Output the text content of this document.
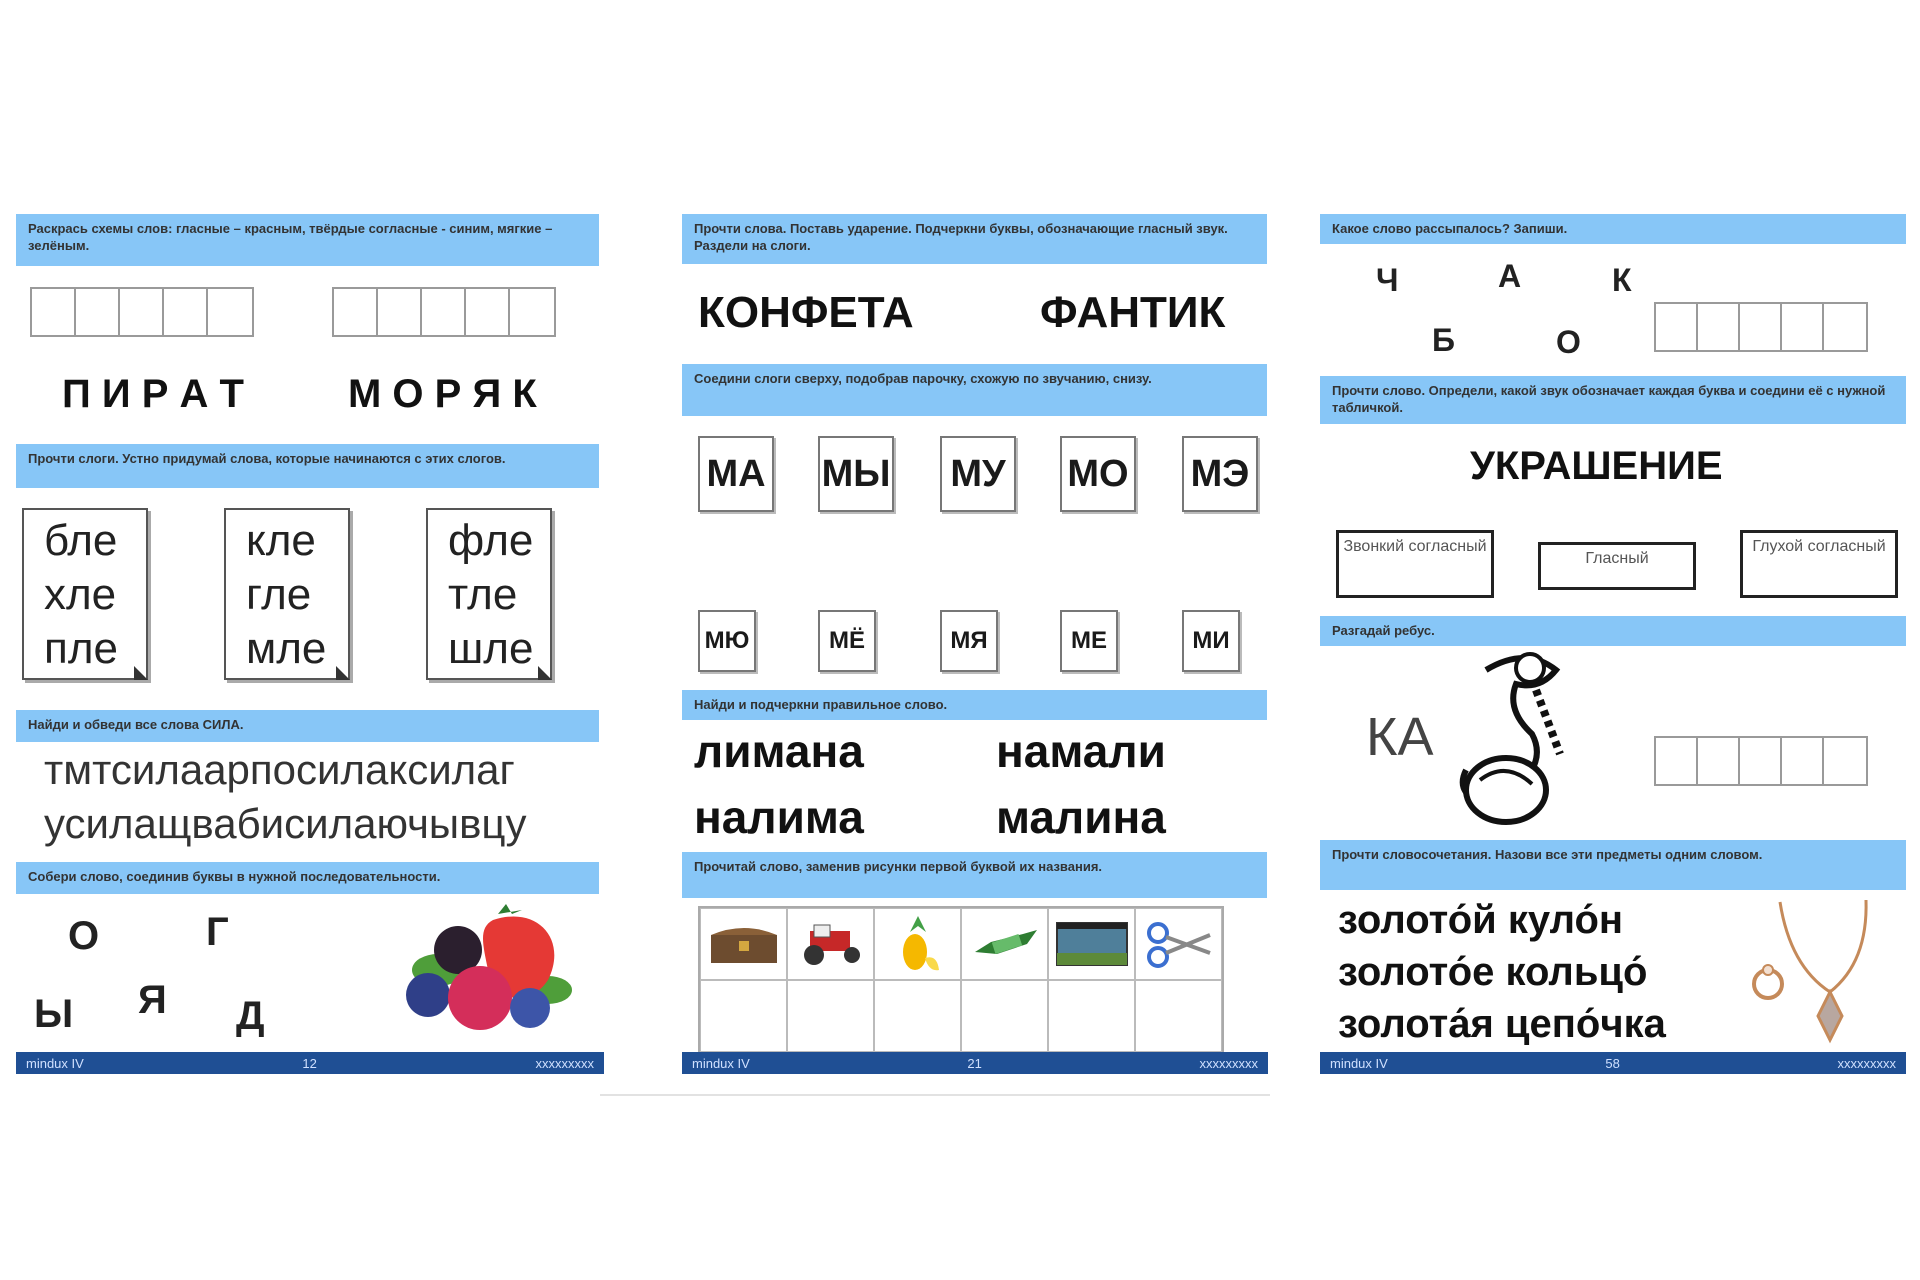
Раскрась схемы слов: гласные – красным, твёрдые согласные - синим, мягкие – зелёным.
П И Р А Т	М О Р Я К
Прочти слоги. Устно придумай слова, которые начинаются с этих слогов.
бле
хле
пле
кле
гле
мле
фле
тле
шле
Найди и обведи все слова СИЛА.
тмтсилаарпосилаксилаг
усилащвабисилаючывцу
Собери слово, соединив буквы в нужной последовательности.
О	Г
Ы Я Д
mindux IV	12	xxxxxxxxx
Прочти слова. Поставь ударение. Подчеркни буквы, обозначающие гласный звук. Раздели на слоги.
КОНФЕТА	ФАНТИК
Соедини слоги сверху, подобрав парочку, схожую по звучанию, снизу.
МА МЫ МУ МО МЭ
МЮ	МЁ	МЯ	МЕ	МИ
Найди и подчеркни правильное слово.
лимана	намали
налима	малина
Прочитай слово, заменив рисунки первой буквой их названия.
mindux IV	21	xxxxxxxxx
Какое слово рассыпалось? Запиши.
Ч	А	К
Б	О
Прочти слово. Определи, какой звук обозначает каждая буква и соедини её с нужной табличкой.
УКРАШЕНИЕ
Звонкий согласный
Гласный
Глухой согласный
Разгадай ребус.
КА
Прочти словосочетания. Назови все эти предметы одним словом.
золото́й куло́н
золото́е кольцо́
золота́я цепо́чка
mindux IV	58	xxxxxxxxx
